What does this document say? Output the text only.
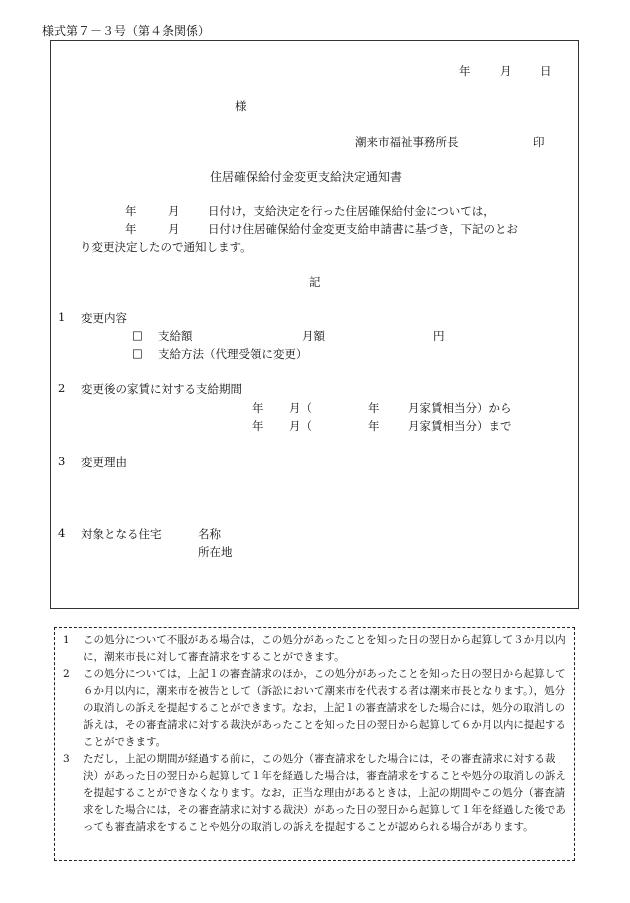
様式第７－３号（第４条関係）
年	月 日
様
潮来市福祉事務所長	印
住居確保給付金変更支給決定通知書
年	月 日付け，支給決定を行った住居確保給付金については，
年	月 日付け住居確保給付金変更支給申請書に基づき，下記のとお
り変更決定したので通知します。
記
1 変更内容
□ 支給額	月額	円
□ 支給方法（代理受領に変更）
2 変更後の家賃に対する支給期間
年 月（	年 月家賃相当分）から
年 月（	年 月家賃相当分）まで
3 変更理由
4 対象となる住宅	名称
所在地
1	この処分について不服がある場合は，この処分があったことを知った日の翌日から起算して３か月以内に，潮来市長に対して審査請求をすることができます。
2	この処分については，上記１の審査請求のほか，この処分があったことを知った日の翌日から起算して６か月以内に，潮来市を被告として（訴訟において潮来市を代表する者は潮来市長となります。），処分の取消しの訴えを提起することができます。なお，上記１の審査請求をした場合には，処分の取消しの訴えは，その審査請求に対する裁決があったことを知った日の翌日から起算して６か月以内に提起することができます。
3	ただし，上記の期間が経過する前に，この処分（審査請求をした場合には，その審査請求に対する裁決）があった日の翌日から起算して１年を経過した場合は，審査請求をすることや処分の取消しの訴えを提起することができなくなります。なお，正当な理由があるときは，上記の期間やこの処分（審査請求をした場合には，その審査請求に対する裁決）があった日の翌日から起算して１年を経過した後であっても審査請求をすることや処分の取消しの訴えを提起することが認められる場合があります。
